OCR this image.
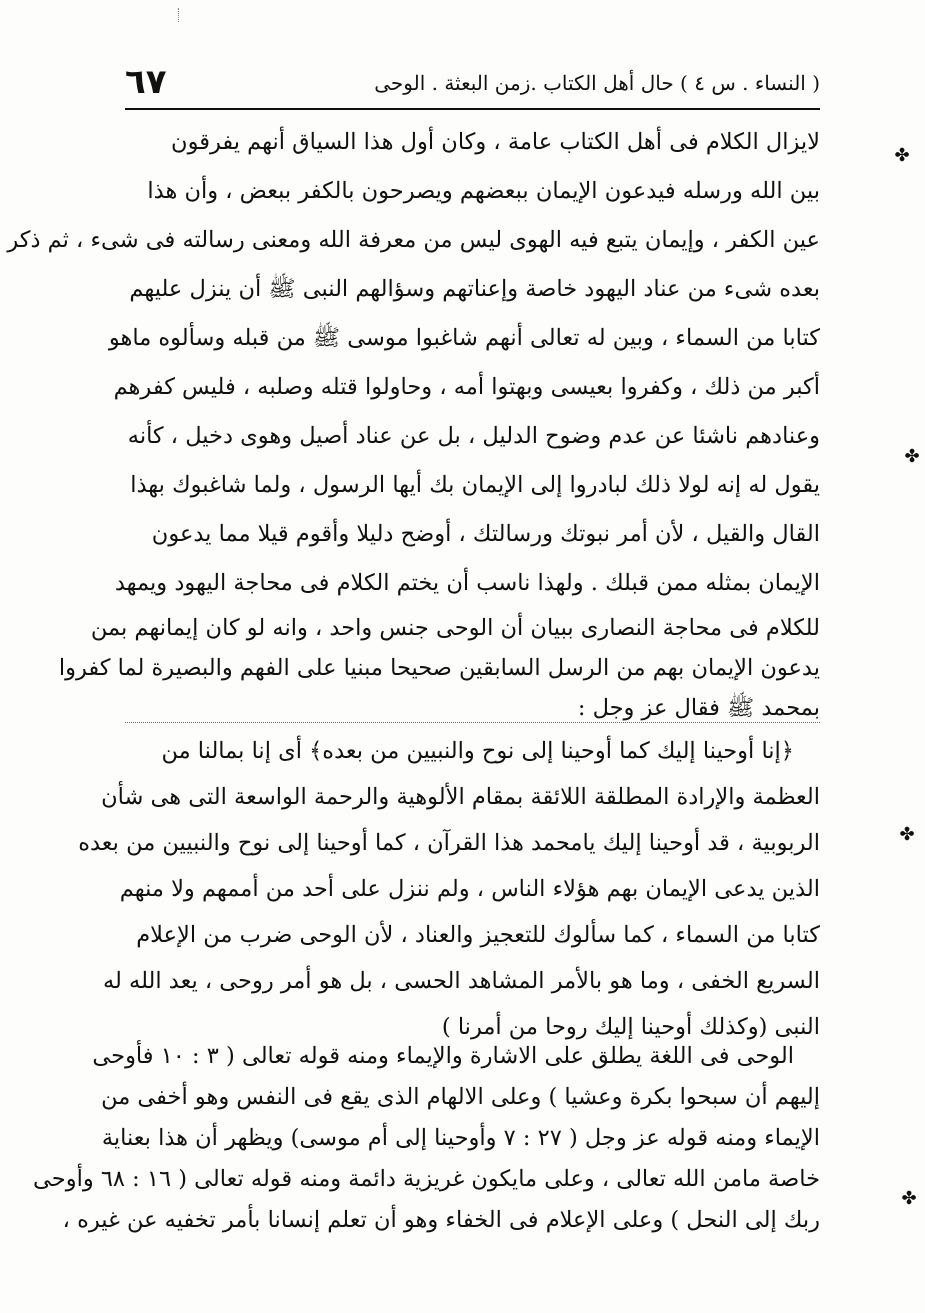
٦٧	( النساء . س ٤ ) حال أهل الكتاب .زمن البعثة . الوحى
لايزال الكلام فى أهل الكتاب عامة ، وكان أول هذا السياق أنهم يفرقون
بين الله ورسله فيدعون الإيمان ببعضهم ويصرحون بالكفر ببعض ، وأن هذا
عين الكفر ، وإيمان يتبع فيه الهوى ليس من معرفة الله ومعنى رسالته فى شىء ، ثم ذكر
بعده شىء من عناد اليهود خاصة وإعناتهم وسؤالهم النبى ﷺ أن ينزل عليهم
كتابا من السماء ، وبين له تعالى أنهم شاغبوا موسى ﷺ من قبله وسألوه ماهو
أكبر من ذلك ، وكفروا بعيسى وبهتوا أمه ، وحاولوا قتله وصلبه ، فليس كفرهم
وعنادهم ناشئا عن عدم وضوح الدليل ، بل عن عناد أصيل وهوى دخيل ، كأنه
يقول له إنه لولا ذلك لبادروا إلى الإيمان بك أيها الرسول ، ولما شاغبوك بهذا
القال والقيل ، لأن أمر نبوتك ورسالتك ، أوضح دليلا وأقوم قيلا مما يدعون
الإيمان بمثله ممن قبلك . ولهذا ناسب أن يختم الكلام فى محاجة اليهود ويمهد
للكلام فى محاجة النصارى ببيان أن الوحى جنس واحد ، وانه لو كان إيمانهم بمن
يدعون الإيمان بهم من الرسل السابقين صحيحا مبنيا على الفهم والبصيرة لما كفروا
بمحمد ﷺ فقال عز وجل :
﴿إنا أوحينا إليك كما أوحينا إلى نوح والنبيين من بعده﴾ أى إنا بمالنا من
العظمة والإرادة المطلقة اللائقة بمقام الألوهية والرحمة الواسعة التى هى شأن
الربوبية ، قد أوحينا إليك يامحمد هذا القرآن ، كما أوحينا إلى نوح والنبيين من بعده
الذين يدعى الإيمان بهم هؤلاء الناس ، ولم ننزل على أحد من أممهم ولا منهم
كتابا من السماء ، كما سألوك للتعجيز والعناد ، لأن الوحى ضرب من الإعلام
السريع الخفى ، وما هو بالأمر المشاهد الحسى ، بل هو أمر روحى ، يعد الله له
النبى (وكذلك أوحينا إليك روحا من أمرنا )
الوحى فى اللغة يطلق على الاشارة والإيماء ومنه قوله تعالى ( ٣ : ١٠ فأوحى
إليهم أن سبحوا بكرة وعشيا ) وعلى الالهام الذى يقع فى النفس وهو أخفى من
الإيماء ومنه قوله عز وجل ( ٢٧ : ٧ وأوحينا إلى أم موسى) ويظهر أن هذا بعناية
خاصة مامن الله تعالى ، وعلى مايكون غريزية دائمة ومنه قوله تعالى ( ١٦ : ٦٨ وأوحى
ربك إلى النحل ) وعلى الإعلام فى الخفاء وهو أن تعلم إنسانا بأمر تخفيه عن غيره ،
✤
✤
✤
✤
